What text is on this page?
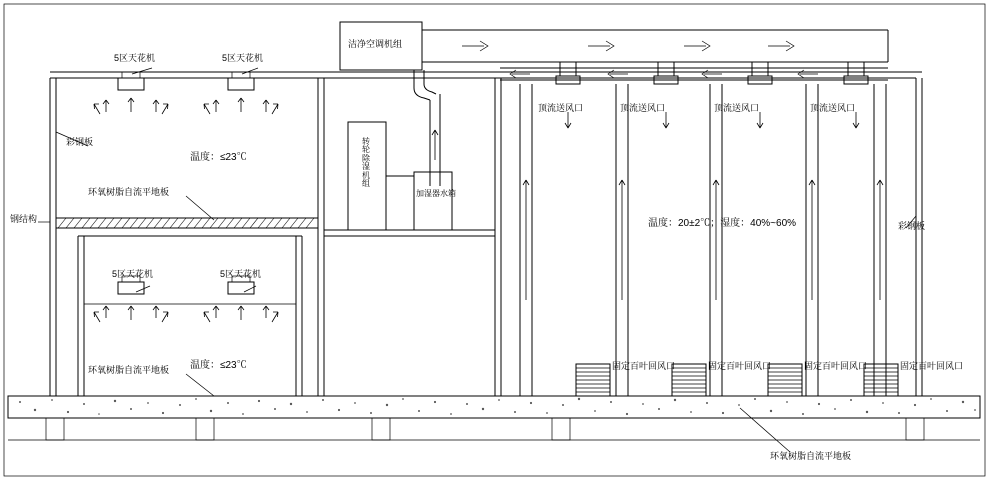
5区天花机	5区天花机
5区天花机	5区天花机
彩钢板
彩钢板
钢结构
温度：≤23℃
温度：≤23℃
环氧树脂自流平地板
环氧树脂自流平地板
环氧树脂自流平地板
温度：20±2℃；湿度：40%~60%
洁净空调机组
转轮除湿机组
加湿器水箱
顶流送风口	顶流送风口	顶流送风口	顶流送风口
固定百叶回风口	固定百叶回风口	固定百叶回风口	固定百叶回风口
